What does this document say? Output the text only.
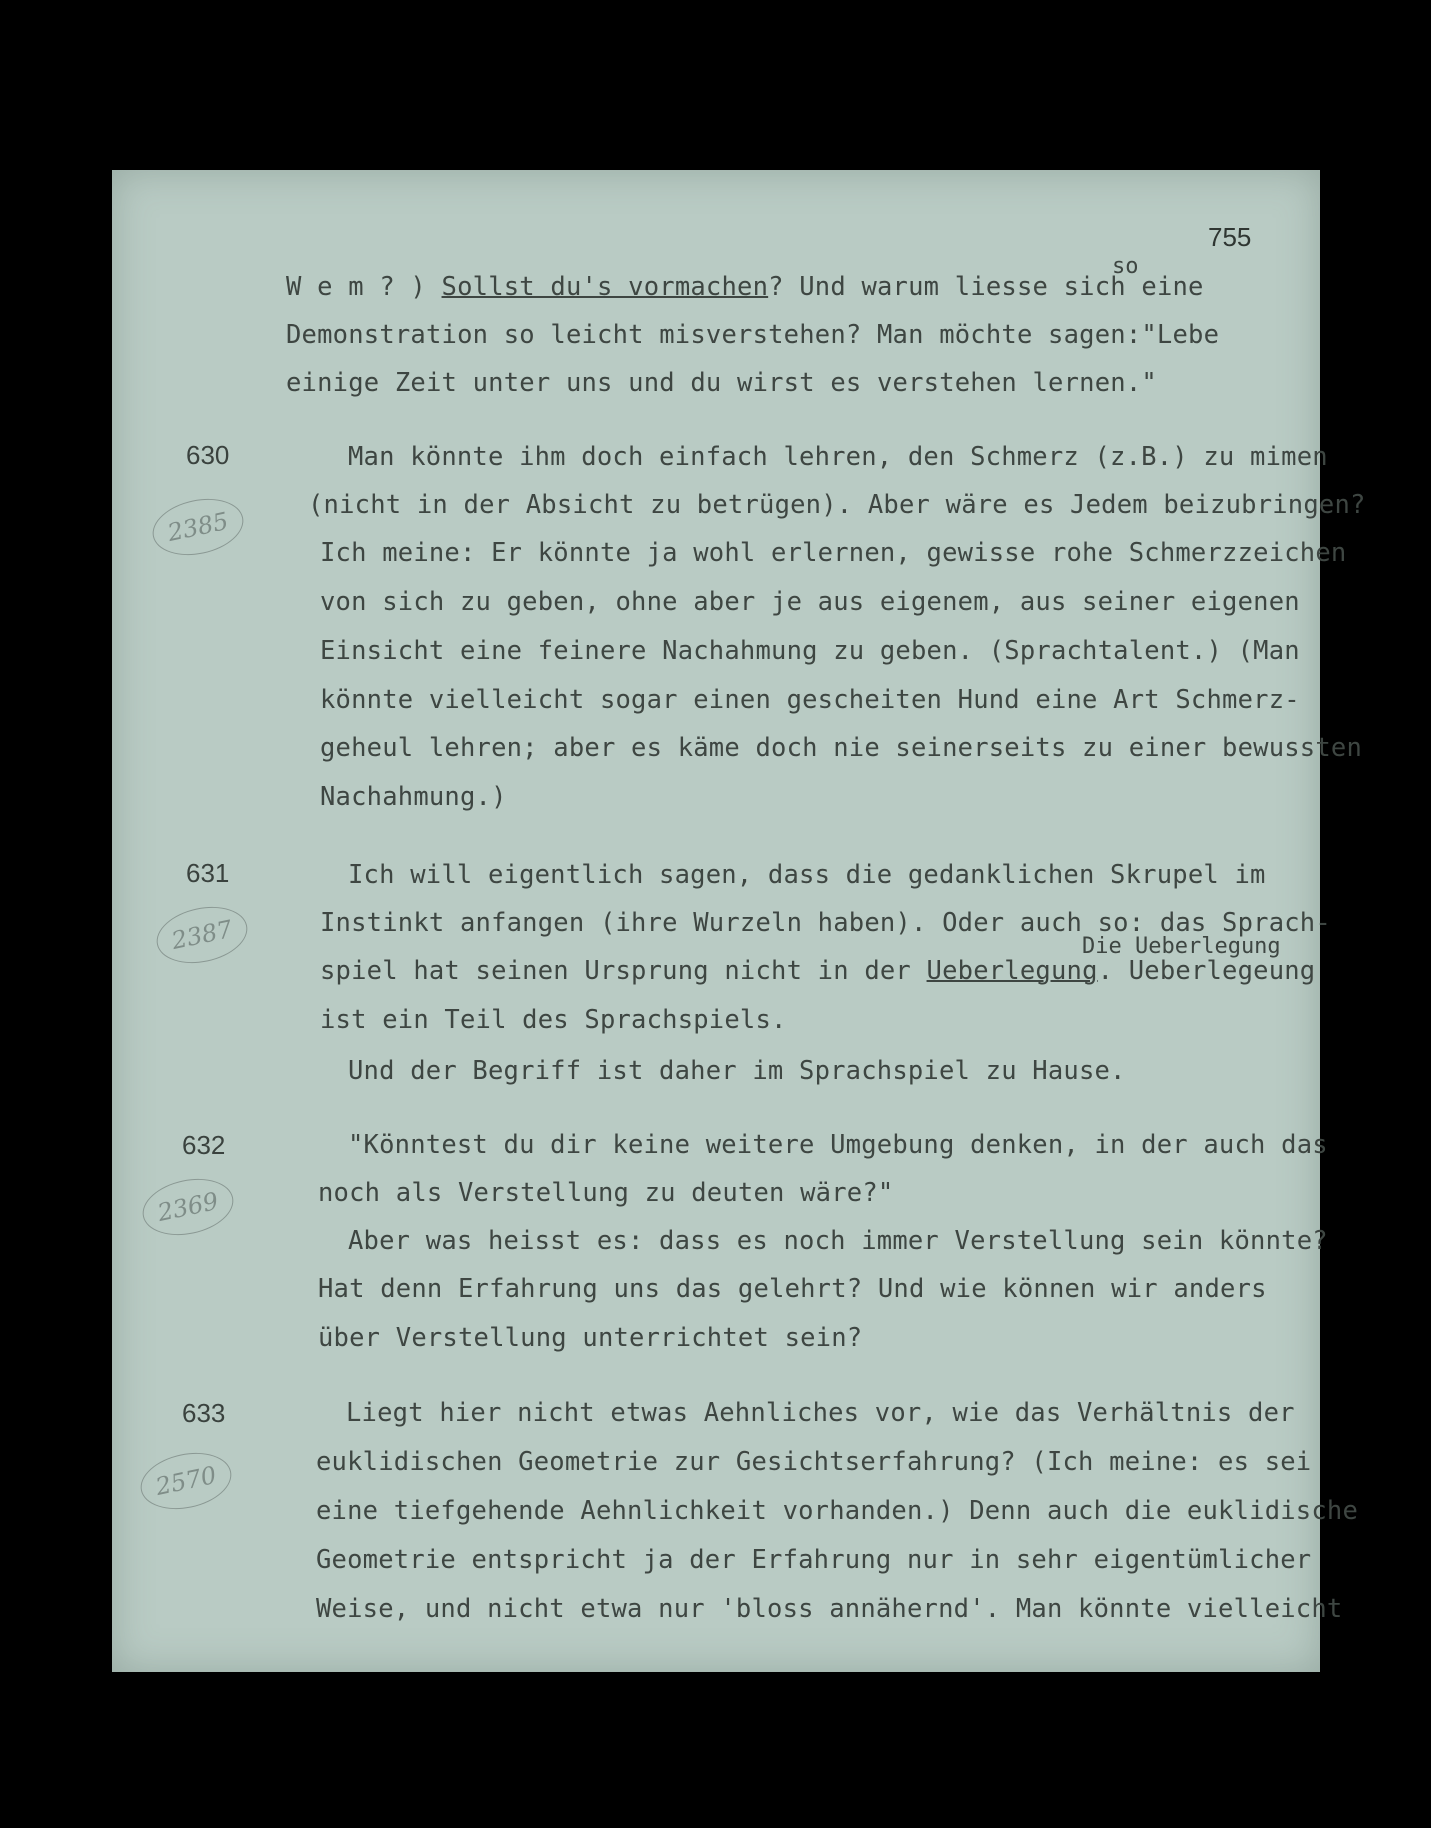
755
so
W e m ? ) Sollst du's vormachen? Und warum liesse sich eine
Demonstration so leicht misverstehen? Man möchte sagen:"Lebe
einige Zeit unter uns und du wirst es verstehen lernen."
630
2385
Man könnte ihm doch einfach lehren, den Schmerz (z.B.) zu mimen
(nicht in der Absicht zu betrügen). Aber wäre es Jedem beizubringen?
Ich meine: Er könnte ja wohl erlernen, gewisse rohe Schmerzzeichen
von sich zu geben, ohne aber je aus eigenem, aus seiner eigenen
Einsicht eine feinere Nachahmung zu geben. (Sprachtalent.) (Man
könnte vielleicht sogar einen gescheiten Hund eine Art Schmerz-
geheul lehren; aber es käme doch nie seinerseits zu einer bewussten
Nachahmung.)
631
2387
Ich will eigentlich sagen, dass die gedanklichen Skrupel im
Instinkt anfangen (ihre Wurzeln haben). Oder auch so: das Sprach-
Die Ueberlegung
spiel hat seinen Ursprung nicht in der Ueberlegung. Ueberlegeung
ist ein Teil des Sprachspiels.
Und der Begriff ist daher im Sprachspiel zu Hause.
632
2369
"Könntest du dir keine weitere Umgebung denken, in der auch das
noch als Verstellung zu deuten wäre?"
Aber was heisst es: dass es noch immer Verstellung sein könnte?
Hat denn Erfahrung uns das gelehrt? Und wie können wir anders
über Verstellung unterrichtet sein?
633
2570
Liegt hier nicht etwas Aehnliches vor, wie das Verhältnis der
euklidischen Geometrie zur Gesichtserfahrung? (Ich meine: es sei
eine tiefgehende Aehnlichkeit vorhanden.) Denn auch die euklidische
Geometrie entspricht ja der Erfahrung nur in sehr eigentümlicher
Weise, und nicht etwa nur 'bloss annähernd'. Man könnte vielleicht
